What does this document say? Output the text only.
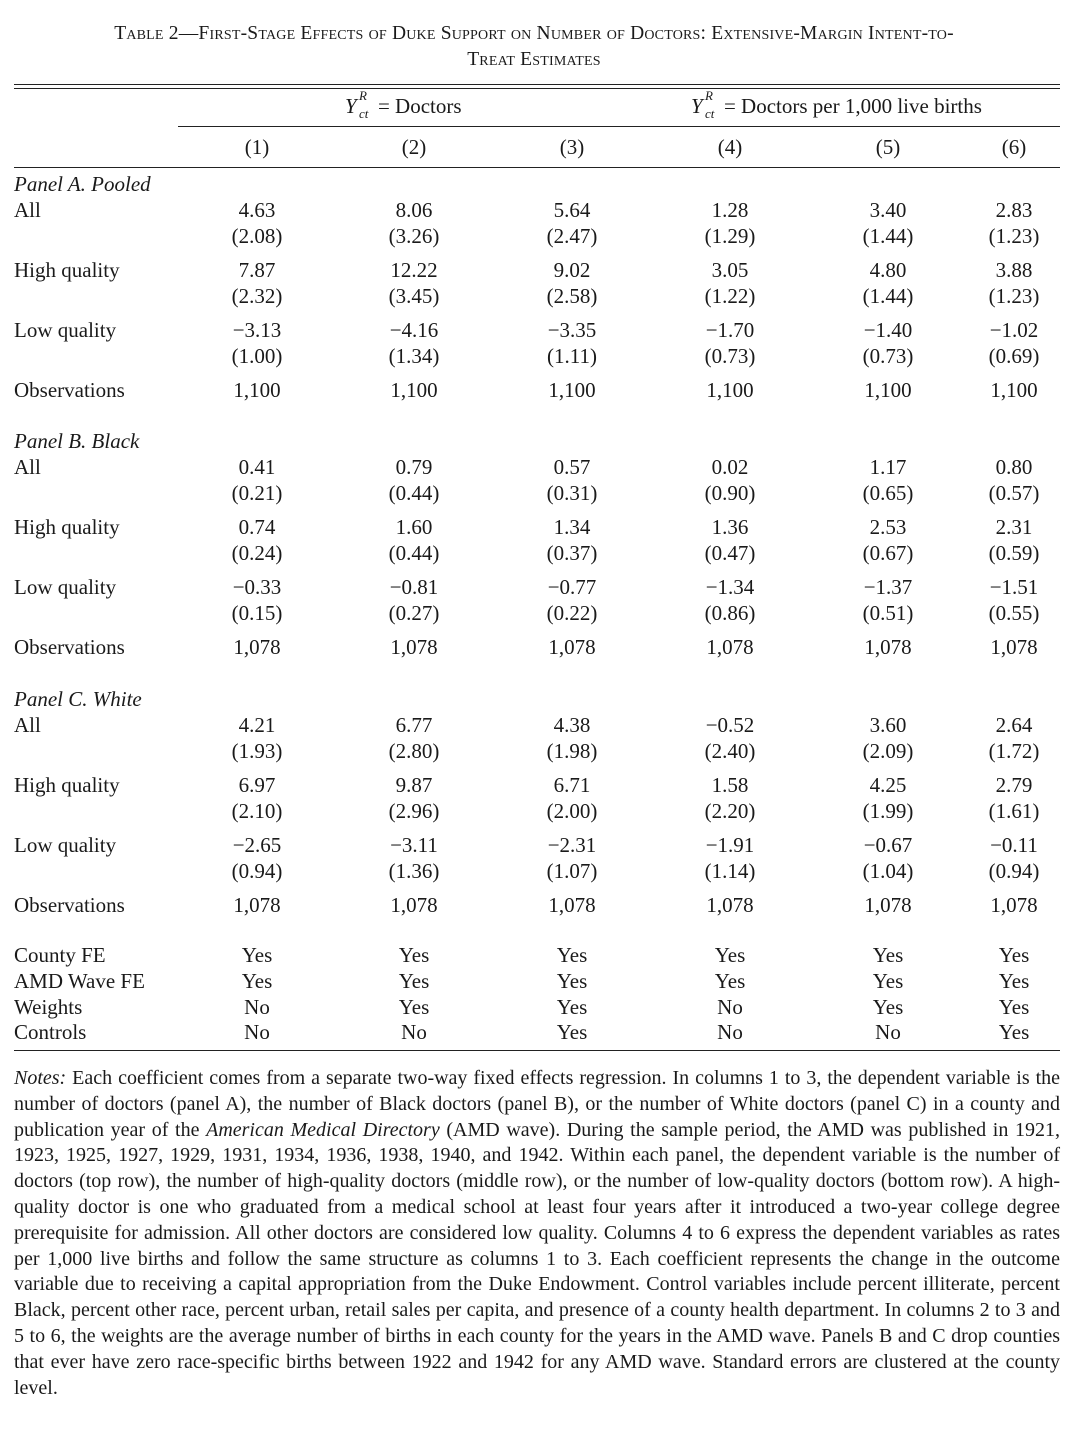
Table 2—First-Stage Effects of Duke Support on Number of Doctors: Extensive-Margin Intent-to-
Treat Estimates
Y R
ct = Doctors	Y R
ct = Doctors per 1,000 live births
(1)	(2)	(3)	(4)	(5)	(6)
Panel A. Pooled
All	4.63	8.06	5.64	1.28	3.40	2.83
(2.08)	(3.26)	(2.47)	(1.29)	(1.44)	(1.23)
High quality	7.87	12.22	9.02	3.05	4.80	3.88
(2.32)	(3.45)	(2.58)	(1.22)	(1.44)	(1.23)
Low quality	−3.13	−4.16	−3.35	−1.70	−1.40	−1.02
(1.00)	(1.34)	(1.11)	(0.73)	(0.73)	(0.69)
Observations	1,100	1,100	1,100	1,100	1,100	1,100
Panel B. Black
All	0.41	0.79	0.57	0.02	1.17	0.80
(0.21)	(0.44)	(0.31)	(0.90)	(0.65)	(0.57)
High quality	0.74	1.60	1.34	1.36	2.53	2.31
(0.24)	(0.44)	(0.37)	(0.47)	(0.67)	(0.59)
Low quality	−0.33	−0.81	−0.77	−1.34	−1.37	−1.51
(0.15)	(0.27)	(0.22)	(0.86)	(0.51)	(0.55)
Observations	1,078	1,078	1,078	1,078	1,078	1,078
Panel C. White
All	4.21	6.77	4.38	−0.52	3.60	2.64
(1.93)	(2.80)	(1.98)	(2.40)	(2.09)	(1.72)
High quality	6.97	9.87	6.71	1.58	4.25	2.79
(2.10)	(2.96)	(2.00)	(2.20)	(1.99)	(1.61)
Low quality	−2.65	−3.11	−2.31	−1.91	−0.67	−0.11
(0.94)	(1.36)	(1.07)	(1.14)	(1.04)	(0.94)
Observations	1,078	1,078	1,078	1,078	1,078	1,078
County FE	Yes	Yes	Yes	Yes	Yes	Yes
AMD Wave FE	Yes	Yes	Yes	Yes	Yes	Yes
Weights	No	Yes	Yes	No	Yes	Yes
Controls	No	No	Yes	No	No	Yes
Notes: Each coefficient comes from a separate two-way fixed effects regression. In columns 1 to 3, the dependent variable is the number of doctors (panel A), the number of Black doctors (panel B), or the number of White doctors (panel C) in a county and publication year of the American Medical Directory (AMD wave). During the sample period, the AMD was published in 1921, 1923, 1925, 1927, 1929, 1931, 1934, 1936, 1938, 1940, and 1942. Within each panel, the dependent variable is the number of doctors (top row), the number of high-quality doctors (middle row), or the number of low-quality doctors (bottom row). A high-quality doctor is one who graduated from a medical school at least four years after it introduced a two-year college degree prerequisite for admission. All other doctors are considered low quality. Columns 4 to 6 express the dependent variables as rates per 1,000 live births and follow the same structure as columns 1 to 3. Each coefficient represents the change in the outcome variable due to receiving a capital appropriation from the Duke Endowment. Control variables include percent illiterate, percent Black, percent other race, percent urban, retail sales per capita, and presence of a county health department. In columns 2 to 3 and 5 to 6, the weights are the average number of births in each county for the years in the AMD wave. Panels B and C drop counties that ever have zero race-specific births between 1922 and 1942 for any AMD wave. Standard errors are clustered at the county level.
